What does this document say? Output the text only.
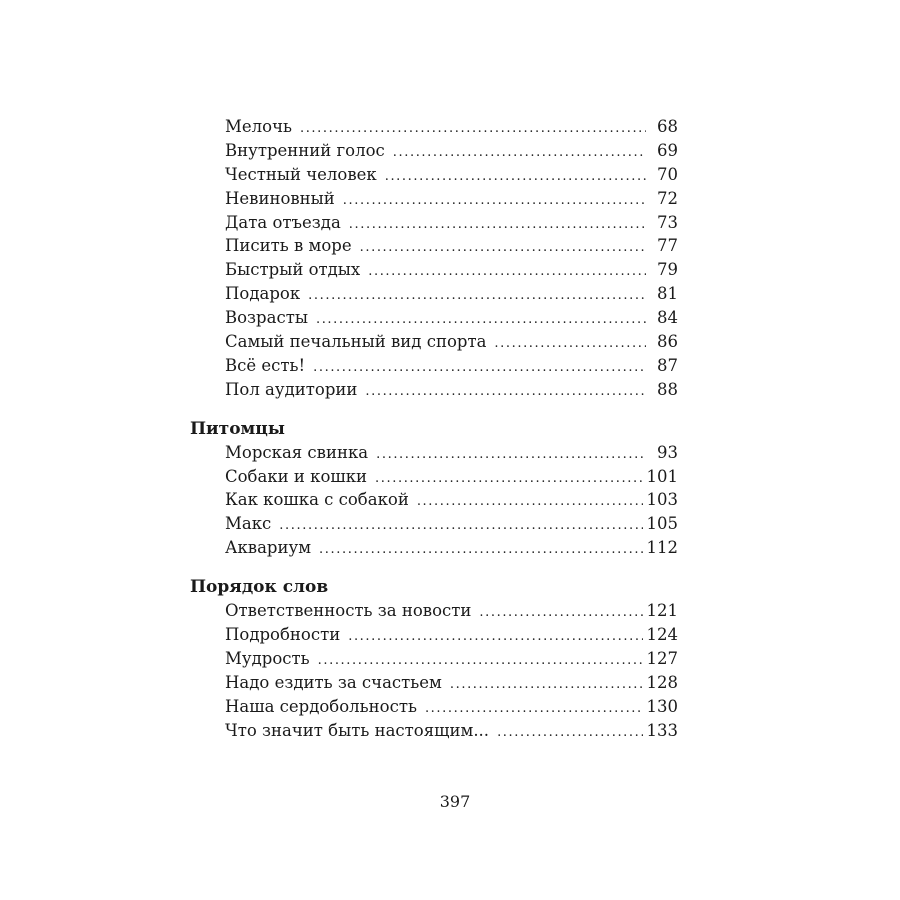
Мелочь .....	68
Внутренний голос .....	69
Честный человек .....	70
Невиновный .....	72
Дата отъезда .....	73
Писить в море .....	77
Быстрый отдых .....	79
Подарок .....	81
Возрасты .....	84
Самый печальный вид спорта .....	86
Всё есть! .....	87
Пол аудитории .....	88
Питомцы
Морская свинка .....	93
Собаки и кошки .....	101
Как кошка с собакой .....	103
Макс .....	105
Аквариум .....	112
Порядок слов
Ответственность за новости .....	121
Подробности .....	124
Мудрость .....	127
Надо ездить за счастьем .....	128
Наша сердобольность .....	130
Что значит быть настоящим... .....	133
397
